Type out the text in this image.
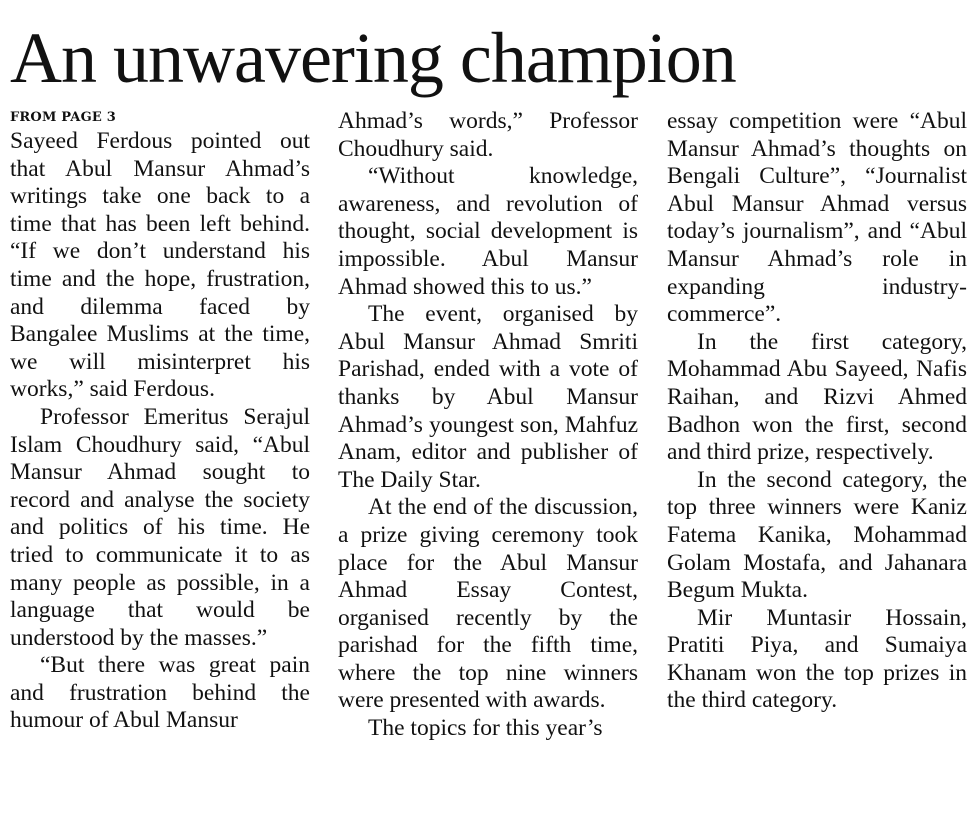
An unwavering champion
FROM PAGE 3

Sayeed Ferdous pointed out that Abul Mansur Ahmad’s writings take one back to a time that has been left behind. “If we don’t understand his time and the hope, frustration, and dilemma faced by Bangalee Muslims at the time, we will misinterpret his works,” said Ferdous.

Professor Emeritus Serajul Islam Choudhury said, “Abul Mansur Ahmad sought to record and analyse the society and politics of his time. He tried to communicate it to as many people as possible, in a language that would be understood by the masses.”

“But there was great pain and frustration behind the humour of Abul Mansur

Ahmad’s words,” Professor Choudhury said.

“Without knowledge, awareness, and revolution of thought, social development is impossible. Abul Mansur Ahmad showed this to us.”

The event, organised by Abul Mansur Ahmad Smriti Parishad, ended with a vote of thanks by Abul Mansur Ahmad’s youngest son, Mahfuz Anam, editor and publisher of The Daily Star.

At the end of the discussion, a prize giving ceremony took place for the Abul Mansur Ahmad Essay Contest, organised recently by the parishad for the fifth time, where the top nine winners were presented with awards.

The topics for this year’s

essay competition were “Abul Mansur Ahmad’s thoughts on Bengali Culture”, “Journalist Abul Mansur Ahmad versus today’s journalism”, and “Abul Mansur Ahmad’s role in expanding industry-commerce”.

In the first category, Mohammad Abu Sayeed, Nafis Raihan, and Rizvi Ahmed Badhon won the first, second and third prize, respectively.

In the second category, the top three winners were Kaniz Fatema Kanika, Mohammad Golam Mostafa, and Jahanara Begum Mukta.

Mir Muntasir Hossain, Pratiti Piya, and Sumaiya Khanam won the top prizes in the third category.
